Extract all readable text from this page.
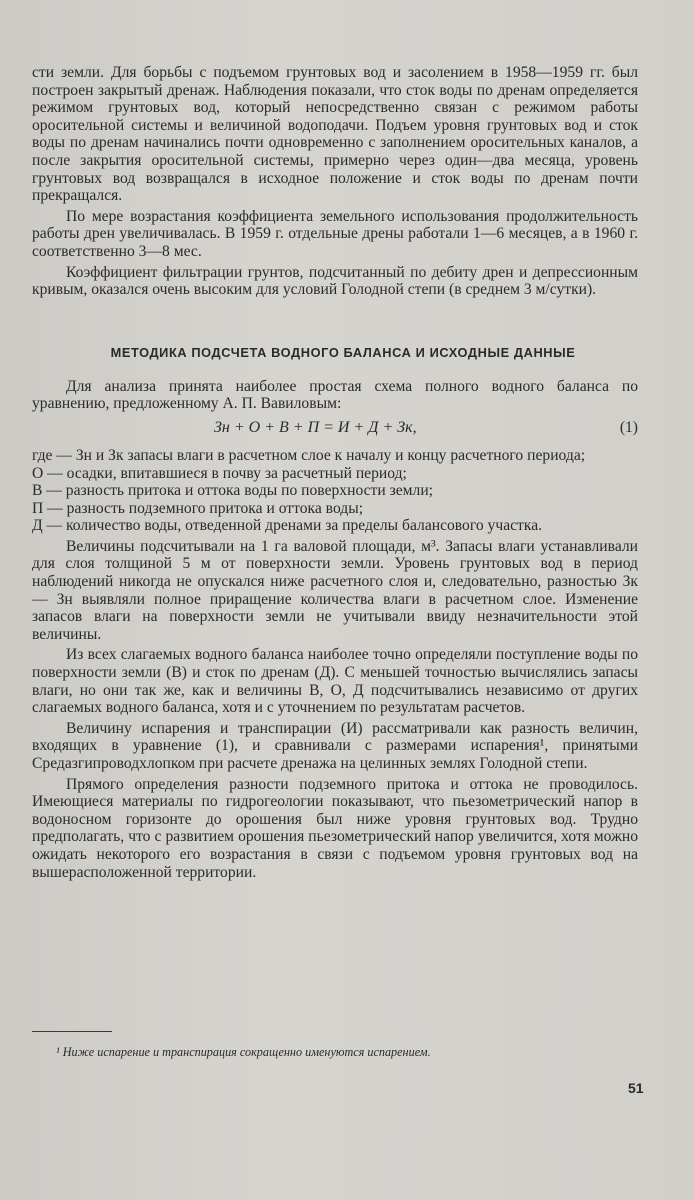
сти земли. Для борьбы с подъемом грунтовых вод и засолением в 1958—1959 гг. был построен закрытый дренаж. Наблюдения показали, что сток воды по дренам определяется режимом грунтовых вод, который непосредственно связан с режимом работы оросительной системы и величиной водоподачи. Подъем уровня грунтовых вод и сток воды по дренам начинались почти одновременно с заполнением оросительных каналов, а после закрытия оросительной системы, примерно через один—два месяца, уровень грунтовых вод возвращался в исходное положение и сток воды по дренам почти прекращался.

По мере возрастания коэффициента земельного использования продолжительность работы дрен увеличивалась. В 1959 г. отдельные дрены работали 1—6 месяцев, а в 1960 г. соответственно 3—8 мес.

Коэффициент фильтрации грунтов, подсчитанный по дебиту дрен и депрессионным кривым, оказался очень высоким для условий Голодной степи (в среднем 3 м/сутки).

МЕТОДИКА ПОДСЧЕТА ВОДНОГО БАЛАНСА И ИСХОДНЫЕ ДАННЫЕ

Для анализа принята наиболее простая схема полного водного баланса по уравнению, предложенному А. П. Вавиловым:

Зн + О + В + П = И + Д + Зк,	(1)

где — Зн и Зк запасы влаги в расчетном слое к началу и концу расчетного периода;

О — осадки, впитавшиеся в почву за расчетный период;

В — разность притока и оттока воды по поверхности земли;

П — разность подземного притока и оттока воды;

Д — количество воды, отведенной дренами за пределы балансового участка.

Величины подсчитывали на 1 га валовой площади, м³. Запасы влаги устанавливали для слоя толщиной 5 м от поверхности земли. Уровень грунтовых вод в период наблюдений никогда не опускался ниже расчетного слоя и, следовательно, разностью Зк — Зн выявляли полное приращение количества влаги в расчетном слое. Изменение запасов влаги на поверхности земли не учитывали ввиду незначительности этой величины.

Из всех слагаемых водного баланса наиболее точно определяли поступление воды по поверхности земли (В) и сток по дренам (Д). С меньшей точностью вычислялись запасы влаги, но они так же, как и величины В, О, Д подсчитывались независимо от других слагаемых водного баланса, хотя и с уточнением по результатам расчетов.

Величину испарения и транспирации (И) рассматривали как разность величин, входящих в уравнение (1), и сравнивали с размерами испарения¹, принятыми Средазгипроводхлопком при расчете дренажа на целинных землях Голодной степи.

Прямого определения разности подземного притока и оттока не проводилось. Имеющиеся материалы по гидрогеологии показывают, что пьезометрический напор в водоносном горизонте до орошения был ниже уровня грунтовых вод. Трудно предполагать, что с развитием орошения пьезометрический напор увеличится, хотя можно ожидать некоторого его возрастания в связи с подъемом уровня грунтовых вод на вышерасположенной территории.

¹ Ниже испарение и транспирация сокращенно именуются испарением.
51
